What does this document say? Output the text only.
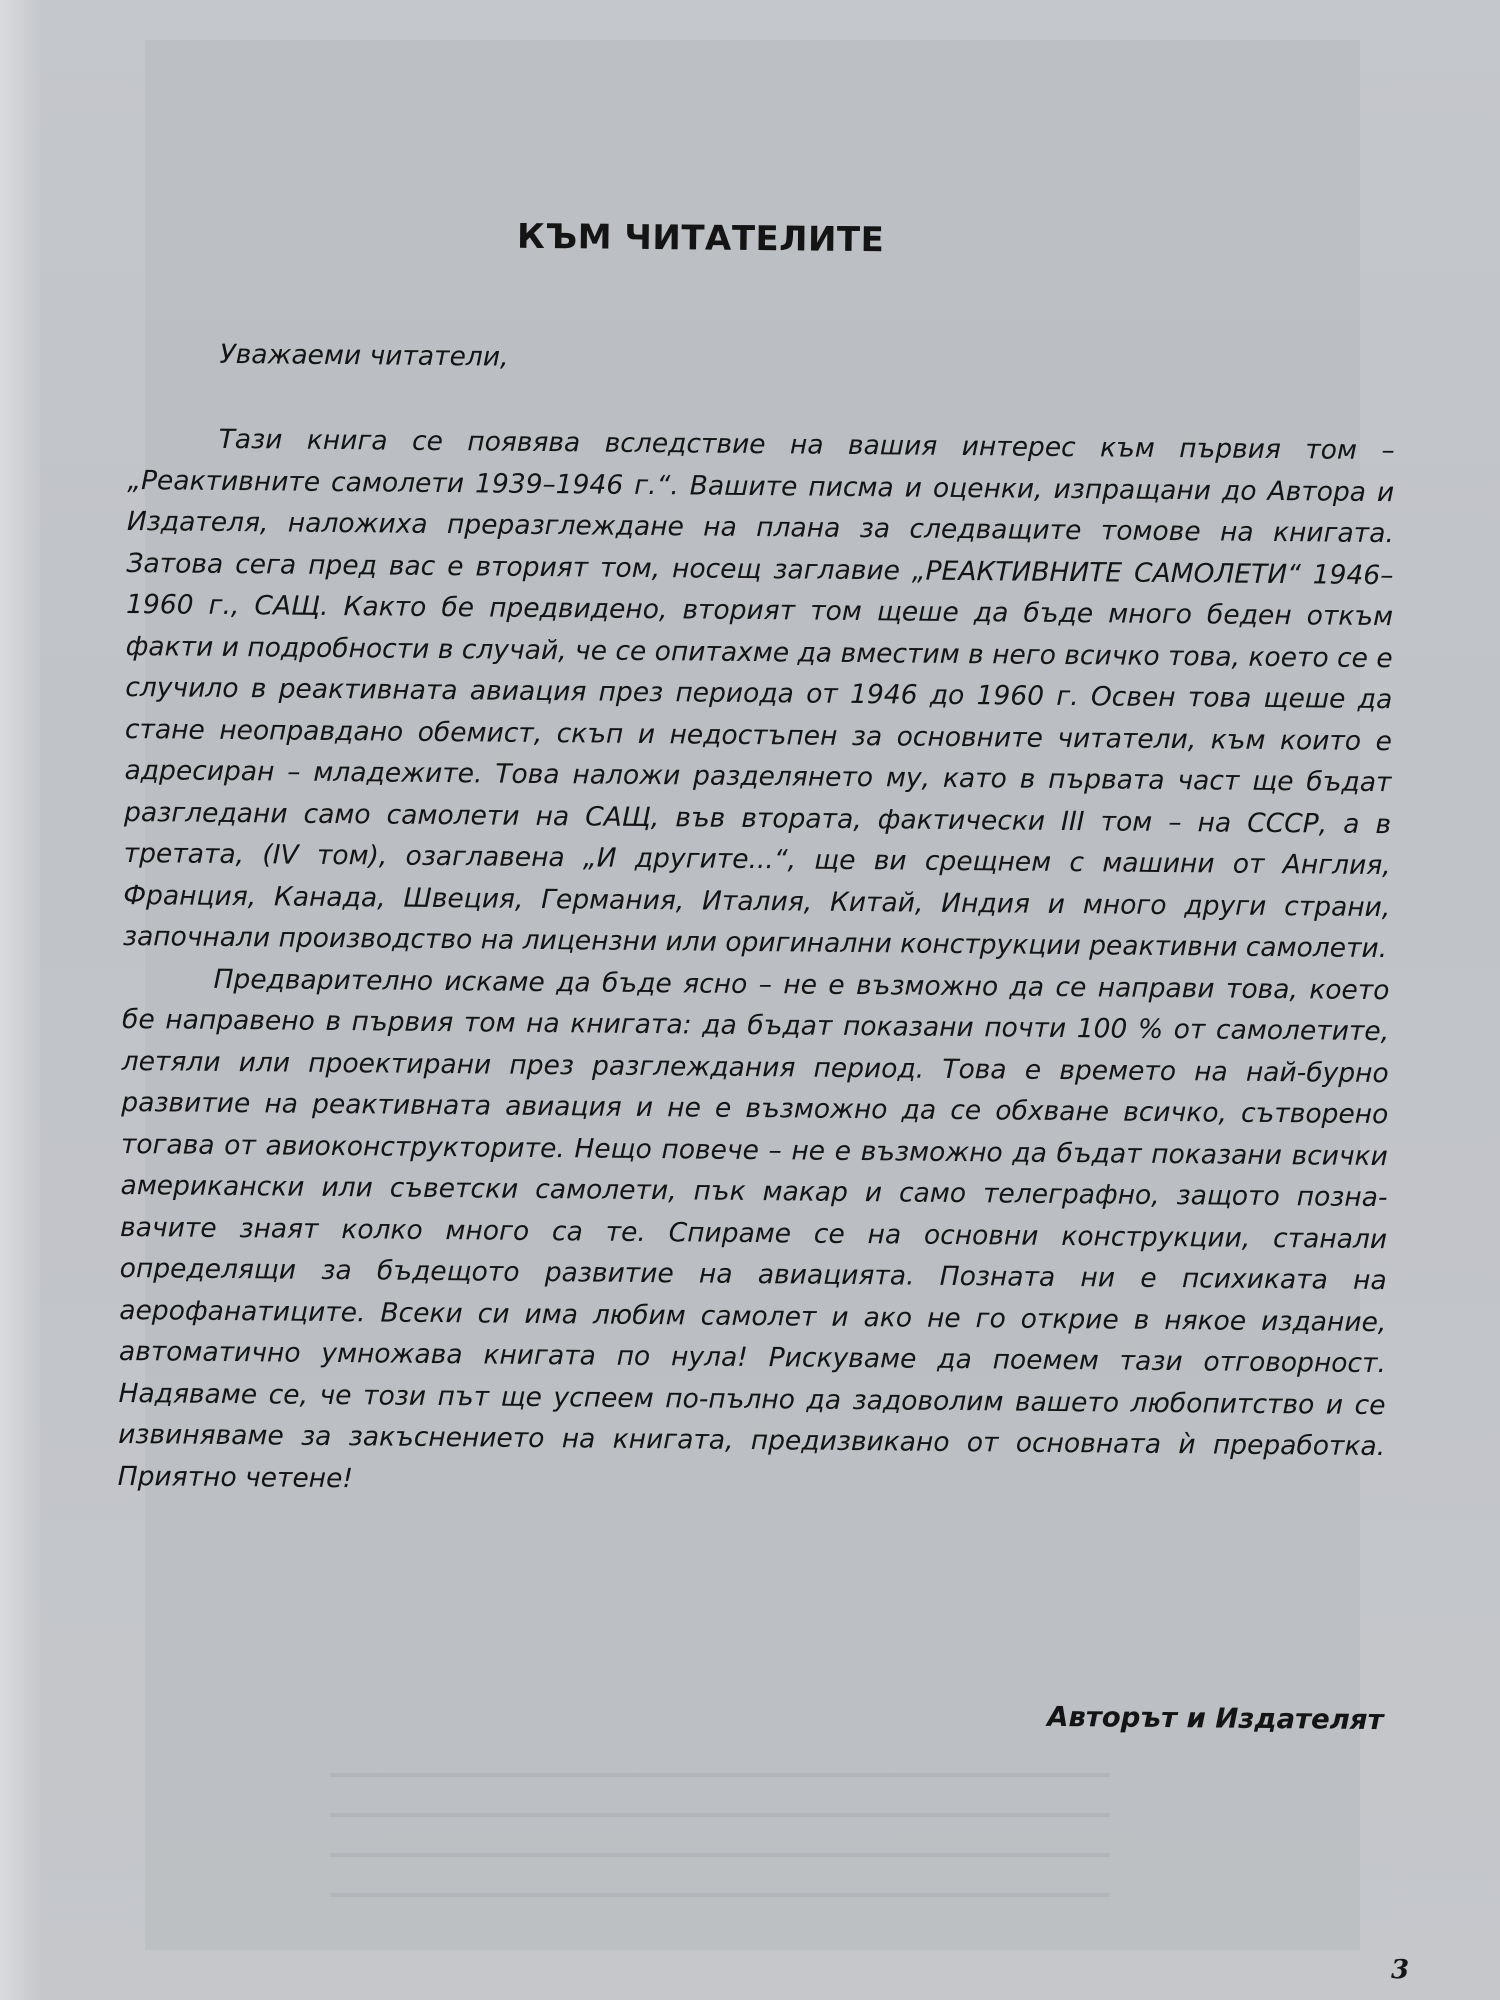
КЪМ ЧИТАТЕЛИТЕ
Уважаеми читатели,

Тази книга се появява вследствие на вашия интерес към първия том – „Реактивните самолети 1939–1946 г.“. Вашите писма и оценки, изпращани до Автора и Издателя, наложиха преразглеждане на плана за следващите томове на книгата. Затова сега пред вас е вторият том, носещ заглавие „РЕАКТИВНИТЕ САМОЛЕТИ“ 1946–1960 г., САЩ. Както бе предвидено, вторият том щеше да бъде много беден откъм факти и подробности в случай, че се опитахме да вместим в него всичко това, което се е случило в реактивната авиация през периода от 1946 до 1960 г. Освен това щеше да стане неоправдано обемист, скъп и недостъпен за основните читатели, към които е адресиран – младежите. Това наложи разделянето му, като в първата част ще бъдат разгледани само самолети на САЩ, във втората, фактически III том – на СССР, а в третата, (IV том), озаглавена „И другите...“, ще ви срещнем с машини от Англия, Франция, Канада, Швеция, Германия, Италия, Китай, Индия и много други страни, започнали производство на лицензни или оригинални конструкции реактивни самолети.

Предварително искаме да бъде ясно – не е възможно да се направи това, което бе направено в първия том на книгата: да бъдат показани почти 100 % от самолетите, летяли или проектирани през разглеждания период. Това е времето на най-бурно развитие на реактивната авиация и не е възможно да се обхване всичко, сътворено тогава от авиоконструкторите. Нещо повече – не е възможно да бъдат показани всички американски или съветски самолети, пък макар и само телеграфно, защото познавачите знаят колко много са те. Спираме се на основни конструкции, станали определящи за бъдещото развитие на авиацията. Позната ни е психиката на аерофанатиците. Всеки си има любим самолет и ако не го открие в някое издание, автоматично умножава книгата по нула! Рискуваме да поемем тази отговорност. Надяваме се, че този път ще успеем по-пълно да задоволим вашето любопитство и се извиняваме за закъснението на книгата, предизвикано от основната ѝ преработка. Приятно четене!

Авторът и Издателят
3
